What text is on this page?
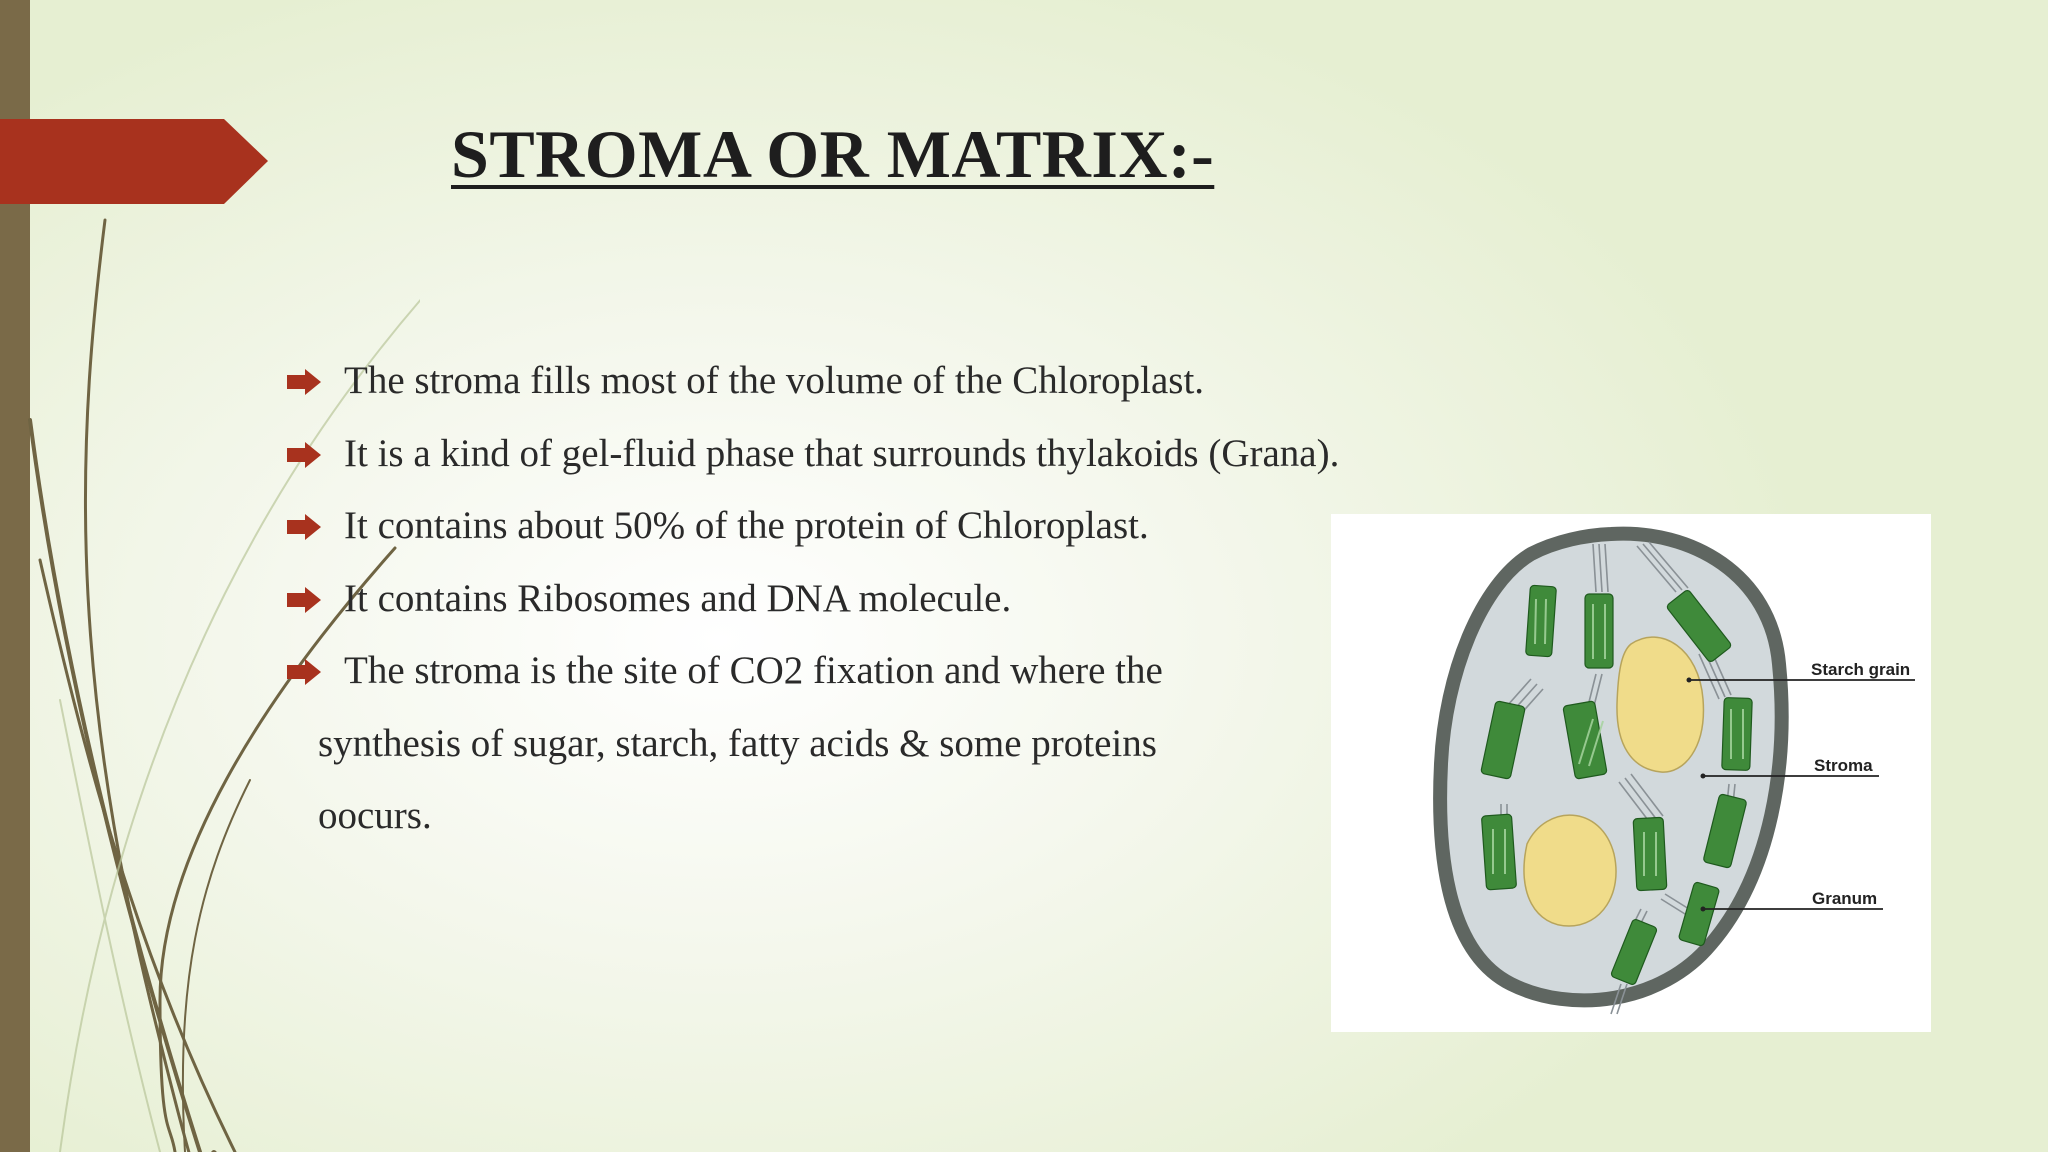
STROMA OR MATRIX:-
The stroma fills most of the volume of the Chloroplast.
It is a kind of gel-fluid phase that surrounds thylakoids (Grana).
It contains about 50% of the protein of Chloroplast.
It contains Ribosomes and DNA molecule.
The stroma is the site of CO2 fixation and where the
synthesis of sugar, starch, fatty acids & some proteins
oocurs.
Starch grain
Stroma
Granum
